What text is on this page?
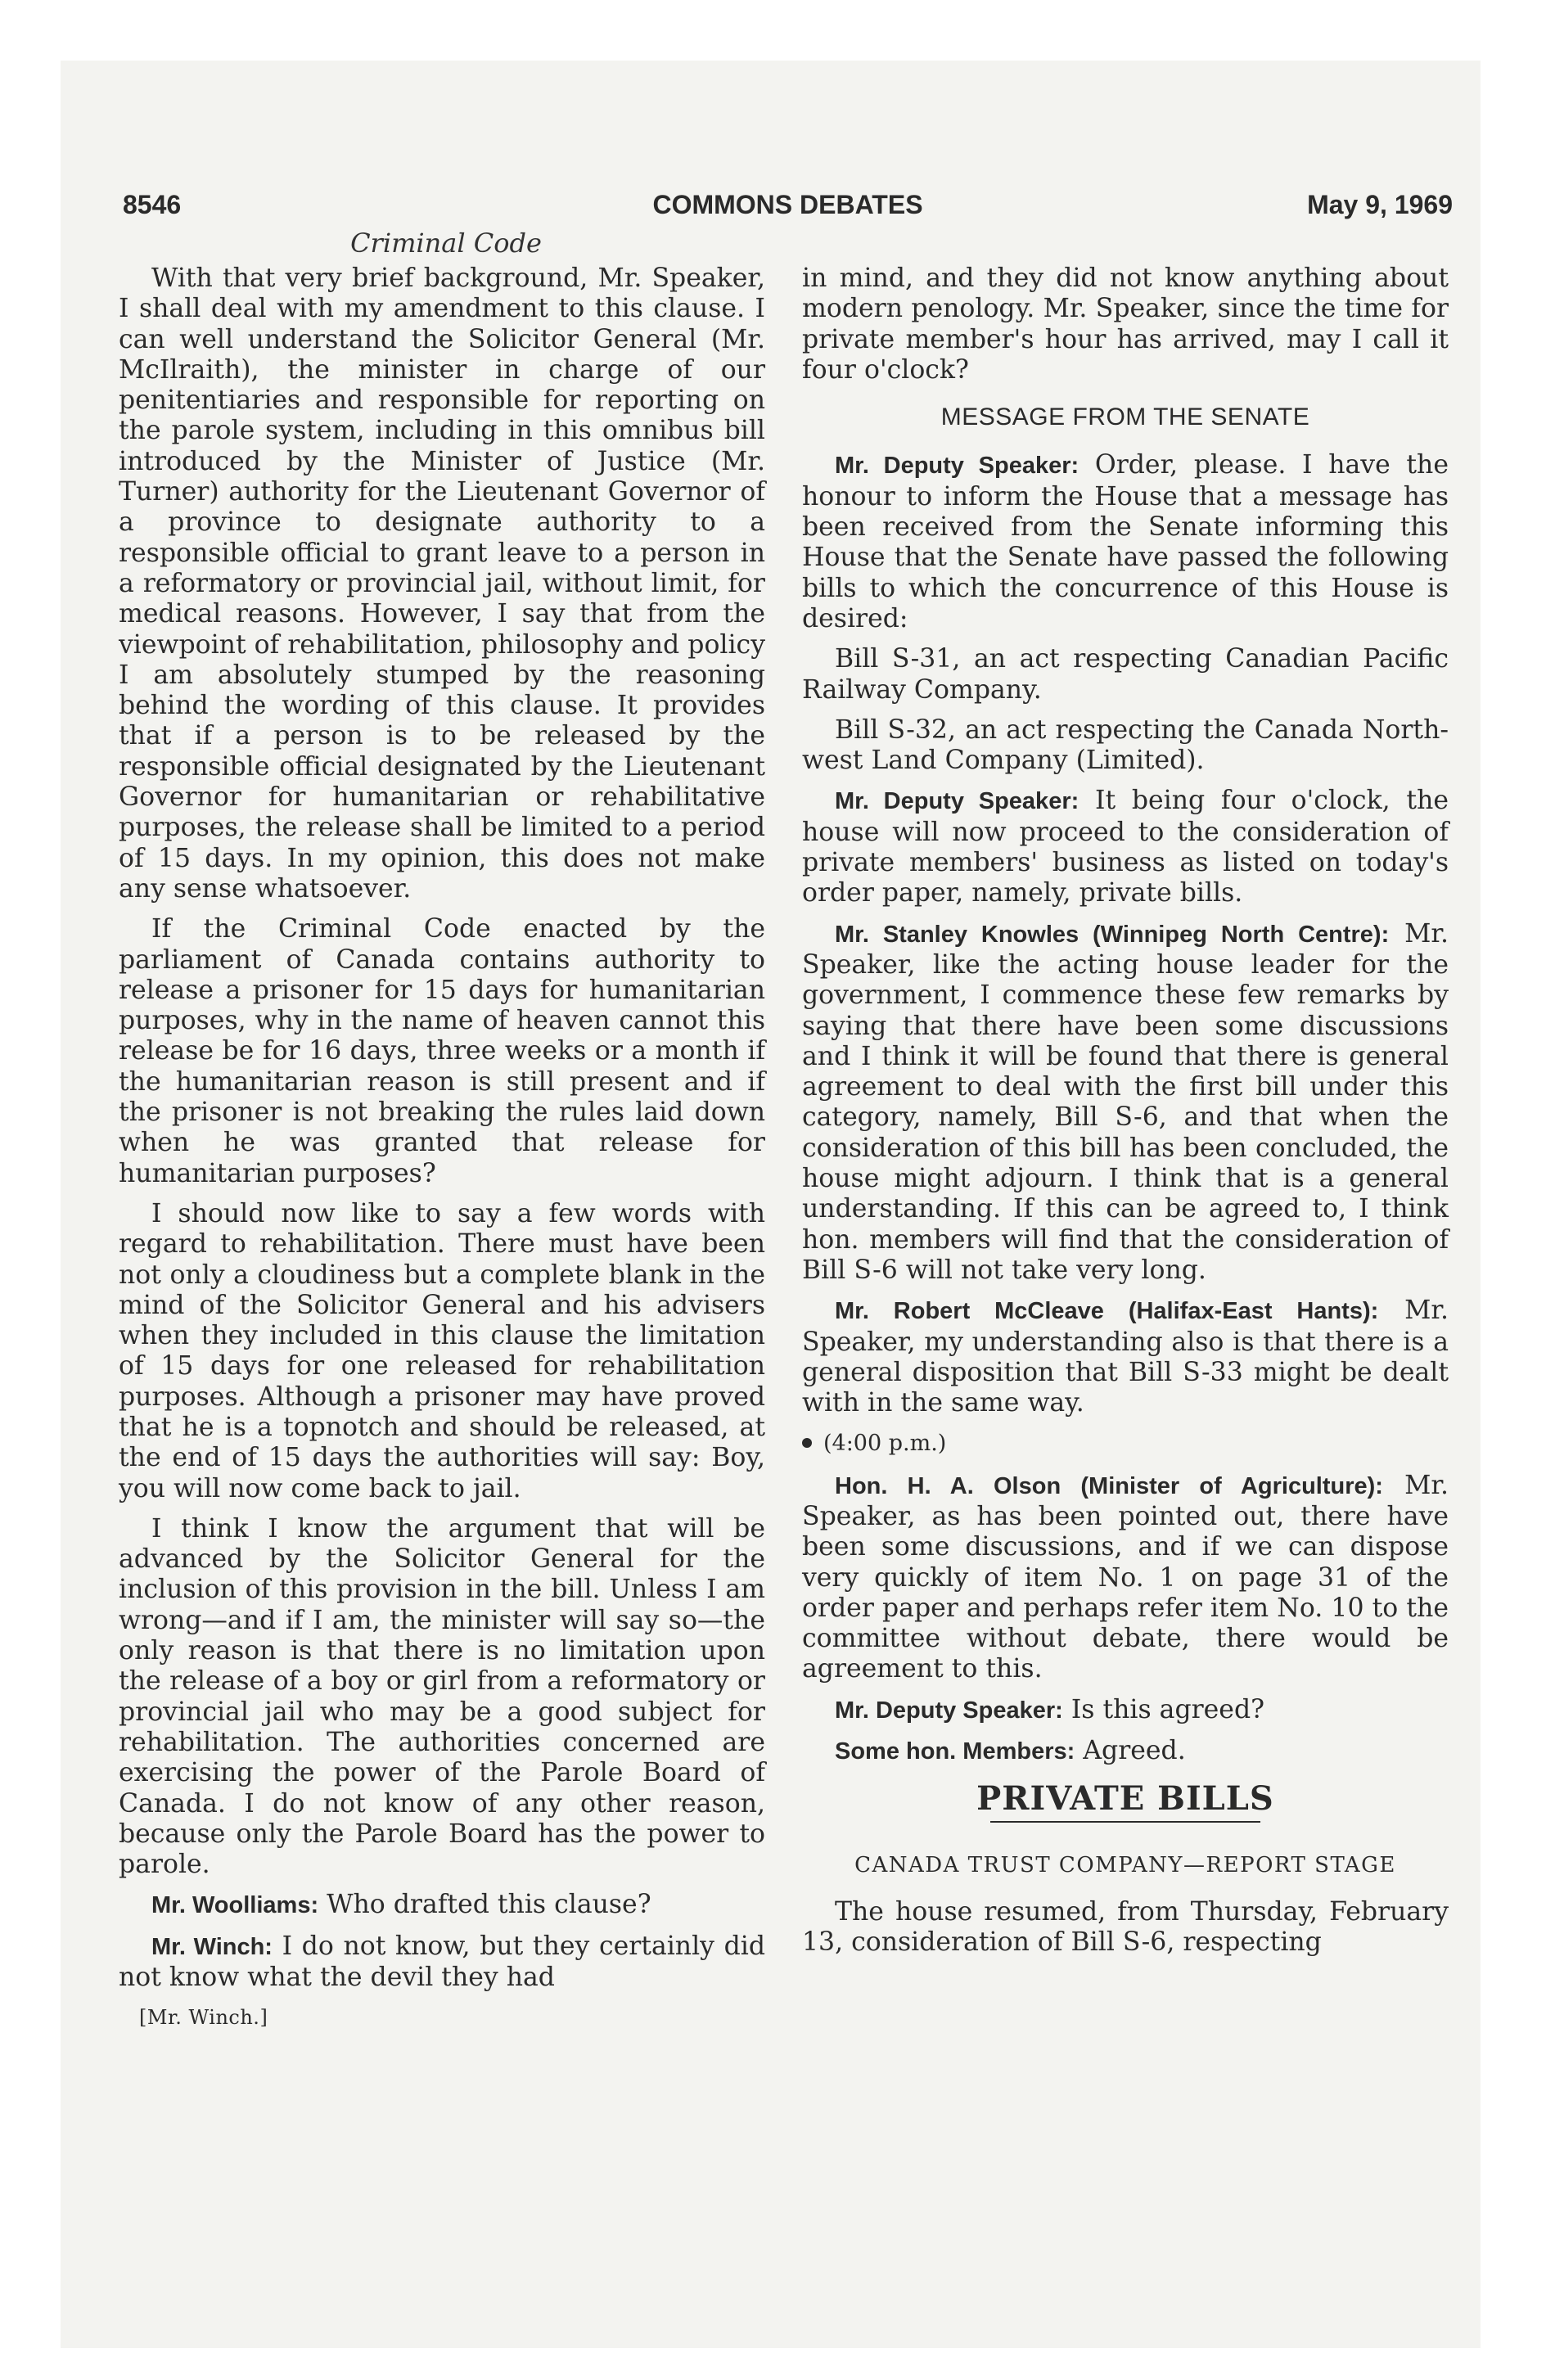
8546	COMMONS DEBATES	May 9, 1969
Criminal Code

With that very brief background, Mr. Speaker, I shall deal with my amendment to this clause. I can well understand the Solicitor General (Mr. McIlraith), the minister in charge of our penitentiaries and responsible for reporting on the parole system, including in this omnibus bill introduced by the Minister of Justice (Mr. Turner) authority for the Lieutenant Governor of a province to designate authority to a responsible official to grant leave to a person in a reformatory or provincial jail, without limit, for medical reasons. However, I say that from the viewpoint of rehabilitation, philosophy and policy I am absolutely stumped by the reasoning behind the wording of this clause. It provides that if a person is to be released by the responsible official designated by the Lieutenant Governor for humanitarian or rehabilitative purposes, the release shall be limited to a period of 15 days. In my opinion, this does not make any sense whatsoever.

If the Criminal Code enacted by the parliament of Canada contains authority to release a prisoner for 15 days for humanitarian purposes, why in the name of heaven cannot this release be for 16 days, three weeks or a month if the humanitarian reason is still present and if the prisoner is not breaking the rules laid down when he was granted that release for humanitarian purposes?

I should now like to say a few words with regard to rehabilitation. There must have been not only a cloudiness but a complete blank in the mind of the Solicitor General and his advisers when they included in this clause the limitation of 15 days for one released for rehabilitation purposes. Although a prisoner may have proved that he is a topnotch and should be released, at the end of 15 days the authorities will say: Boy, you will now come back to jail.

I think I know the argument that will be advanced by the Solicitor General for the inclusion of this provision in the bill. Unless I am wrong—and if I am, the minister will say so—the only reason is that there is no limitation upon the release of a boy or girl from a reformatory or provincial jail who may be a good subject for rehabilitation. The authorities concerned are exercising the power of the Parole Board of Canada. I do not know of any other reason, because only the Parole Board has the power to parole.

Mr. Woolliams: Who drafted this clause?

Mr. Winch: I do not know, but they certainly did not know what the devil they had

[Mr. Winch.]

in mind, and they did not know anything about modern penology. Mr. Speaker, since the time for private member's hour has arrived, may I call it four o'clock?

MESSAGE FROM THE SENATE

Mr. Deputy Speaker: Order, please. I have the honour to inform the House that a message has been received from the Senate informing this House that the Senate have passed the following bills to which the concurrence of this House is desired:

Bill S-31, an act respecting Canadian Pacific Railway Company.

Bill S-32, an act respecting the Canada North-west Land Company (Limited).

Mr. Deputy Speaker: It being four o'clock, the house will now proceed to the consideration of private members' business as listed on today's order paper, namely, private bills.

Mr. Stanley Knowles (Winnipeg North Centre): Mr. Speaker, like the acting house leader for the government, I commence these few remarks by saying that there have been some discussions and I think it will be found that there is general agreement to deal with the first bill under this category, namely, Bill S-6, and that when the consideration of this bill has been concluded, the house might adjourn. I think that is a general understanding. If this can be agreed to, I think hon. members will find that the consideration of Bill S-6 will not take very long.

Mr. Robert McCleave (Halifax-East Hants): Mr. Speaker, my understanding also is that there is a general disposition that Bill S-33 might be dealt with in the same way.

(4:00 p.m.)

Hon. H. A. Olson (Minister of Agriculture): Mr. Speaker, as has been pointed out, there have been some discussions, and if we can dispose very quickly of item No. 1 on page 31 of the order paper and perhaps refer item No. 10 to the committee without debate, there would be agreement to this.

Mr. Deputy Speaker: Is this agreed?

Some hon. Members: Agreed.

PRIVATE BILLS
CANADA TRUST COMPANY—REPORT STAGE

The house resumed, from Thursday, February 13, consideration of Bill S-6, respecting
